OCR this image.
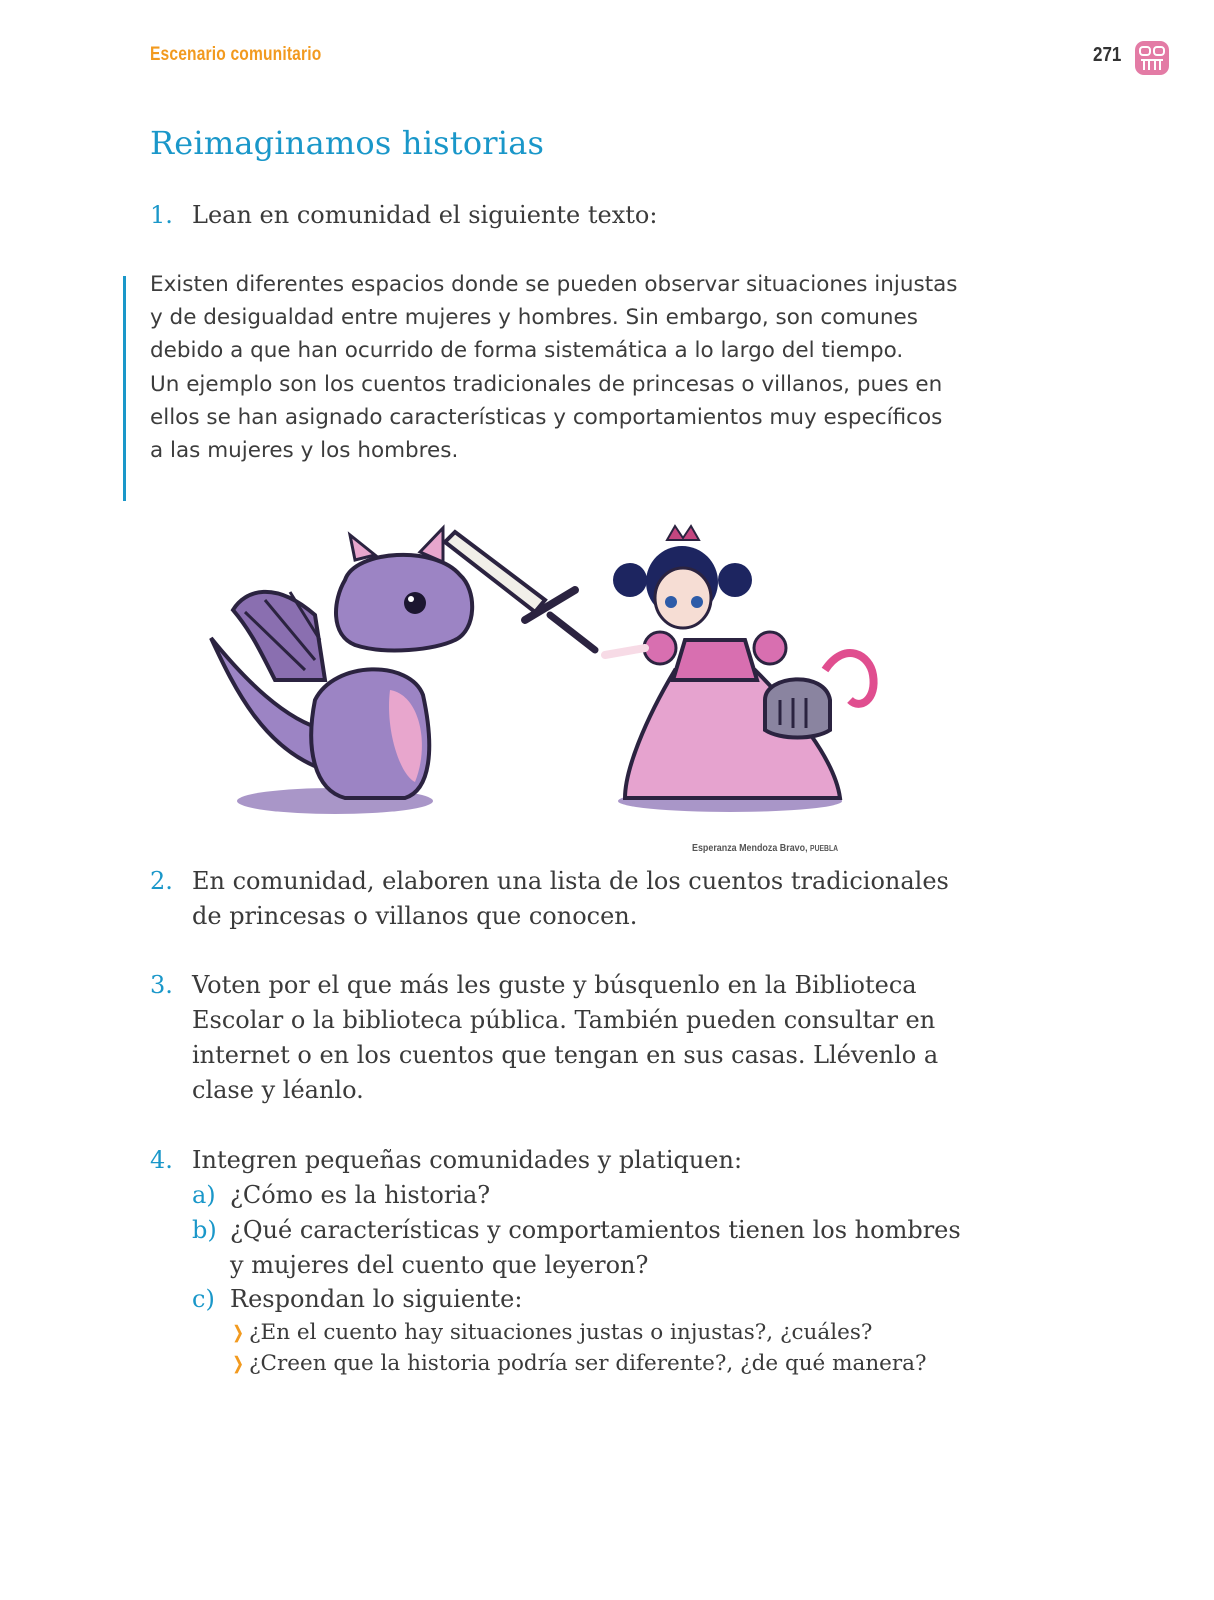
Escenario comunitario	271
Reimaginamos historias
1. Lean en comunidad el siguiente texto:

Existen diferentes espacios donde se pueden observar situaciones injustas y de desigualdad entre mujeres y hombres. Sin embargo, son comunes debido a que han ocurrido de forma sistemática a lo largo del tiempo.

Un ejemplo son los cuentos tradicionales de princesas o villanos, pues en ellos se han asignado características y comportamientos muy específicos a las mujeres y los hombres.

Esperanza Mendoza Bravo, PUEBLA
2. En comunidad, elaboren una lista de los cuentos tradicionales de princesas o villanos que conocen.
3. Voten por el que más les guste y búsquenlo en la Biblioteca Escolar o la biblioteca pública. También pueden consultar en internet o en los cuentos que tengan en sus casas. Llévenlo a clase y léanlo.
4. Integren pequeñas comunidades y platiquen:
a) ¿Cómo es la historia?
b) ¿Qué características y comportamientos tienen los hombres y mujeres del cuento que leyeron?
c) Respondan lo siguiente:
❭ ¿En el cuento hay situaciones justas o injustas?, ¿cuáles?
❭ ¿Creen que la historia podría ser diferente?, ¿de qué manera?
